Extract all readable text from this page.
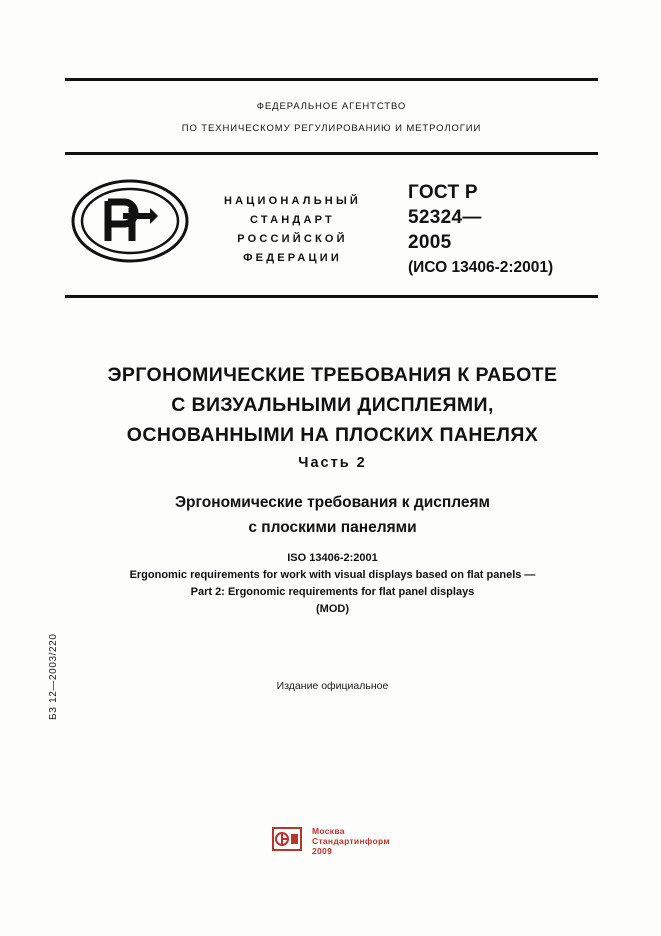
БЗ 12—2003/220
ФЕДЕРАЛЬНОЕ АГЕНТСТВО
ПО ТЕХНИЧЕСКОМУ РЕГУЛИРОВАНИЮ И МЕТРОЛОГИИ
НАЦИОНАЛЬНЫЙ
СТАНДАРТ
РОССИЙСКОЙ
ФЕДЕРАЦИИ
ГОСТ Р
52324—
2005
(ИСО 13406-2:2001)
ЭРГОНОМИЧЕСКИЕ ТРЕБОВАНИЯ К РАБОТЕ
С ВИЗУАЛЬНЫМИ ДИСПЛЕЯМИ,
ОСНОВАННЫМИ НА ПЛОСКИХ ПАНЕЛЯХ
Часть 2
Эргономические требования к дисплеям
с плоскими панелями
ISO 13406-2:2001
Ergonomic requirements for work with visual displays based on flat panels —
Part 2: Ergonomic requirements for flat panel displays
(MOD)
Издание официальное
Москва
Стандартинформ
2009
